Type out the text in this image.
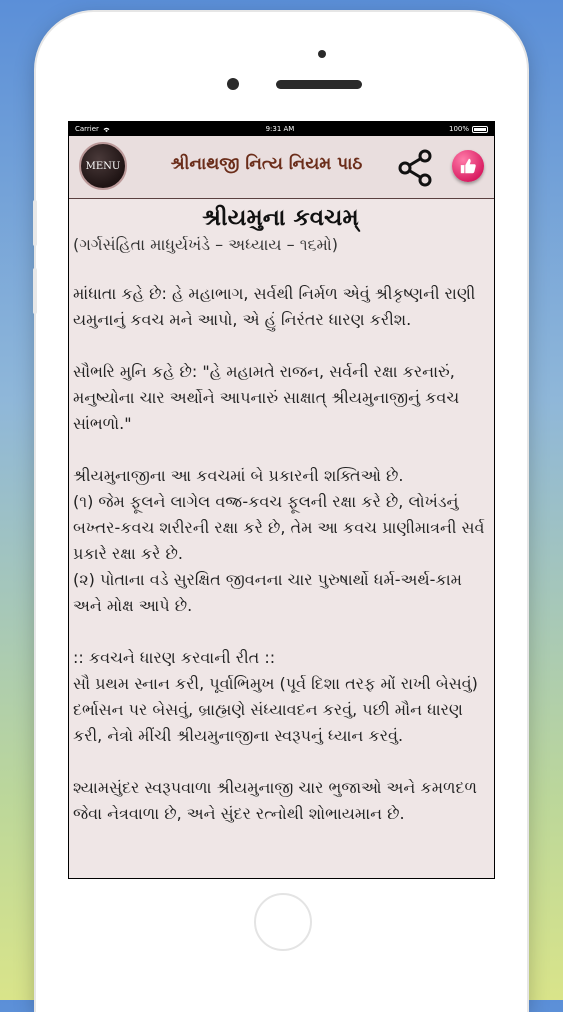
Carrier	9:31 AM	100%
MENU	શ્રીનાથજી નિત્ય નિયમ પાઠ
શ્રીયમુના કવચમ્
(ગર્ગસંહિતા માધુર્યખંડે – અધ્યાય – ૧૬મો)

માંધાતા કહે છે: હે મહાભાગ, સર્વથી નિર્મળ એવું શ્રીકૃષ્ણની રાણી યમુનાનું કવચ મને આપો, એ હું નિરંતર ધારણ કરીશ.

સૌભરિ મુનિ કહે છે: "હે મહામતે રાજન, સર્વની રક્ષા કરનારું, મનુષ્યોના ચાર અર્થોને આપનારું સાક્ષાત્ શ્રીયમુનાજીનું કવચ સાંભળો."

શ્રીયમુનાજીના આ કવચમાં બે પ્રકારની શક્તિઓ છે.

(૧) જેમ ફૂલને લાગેલ વજ્ર-કવચ ફૂલની રક્ષા કરે છે, લોખંડનું બખ્તર-કવચ શરીરની રક્ષા કરે છે, તેમ આ કવચ પ્રાણીમાત્રની સર્વ પ્રકારે રક્ષા કરે છે.

(૨) પોતાના વડે સુરક્ષિત જીવનના ચાર પુરુષાર્થો ધર્મ-અર્થ-કામ અને મોક્ષ આપે છે.

:: કવચને ધારણ કરવાની રીત ::

સૌ પ્રથમ સ્નાન કરી, પૂર્વાભિમુખ (પૂર્વ દિશા તરફ મોં રાખી બેસવું) દર્ભાસન પર બેસવું, બ્રાહ્મણે સંધ્યાવદન કરવું, પછી મૌન ધારણ કરી, નેત્રો મીંચી શ્રીયમુનાજીના સ્વરૂપનું ધ્યાન કરવું.

શ્યામસુંદર સ્વરૂપવાળા શ્રીયમુનાજી ચાર ભુજાઓ અને કમળદળ જેવા નેત્રવાળા છે, અને સુંદર રત્નોથી શોભાયમાન છે.
